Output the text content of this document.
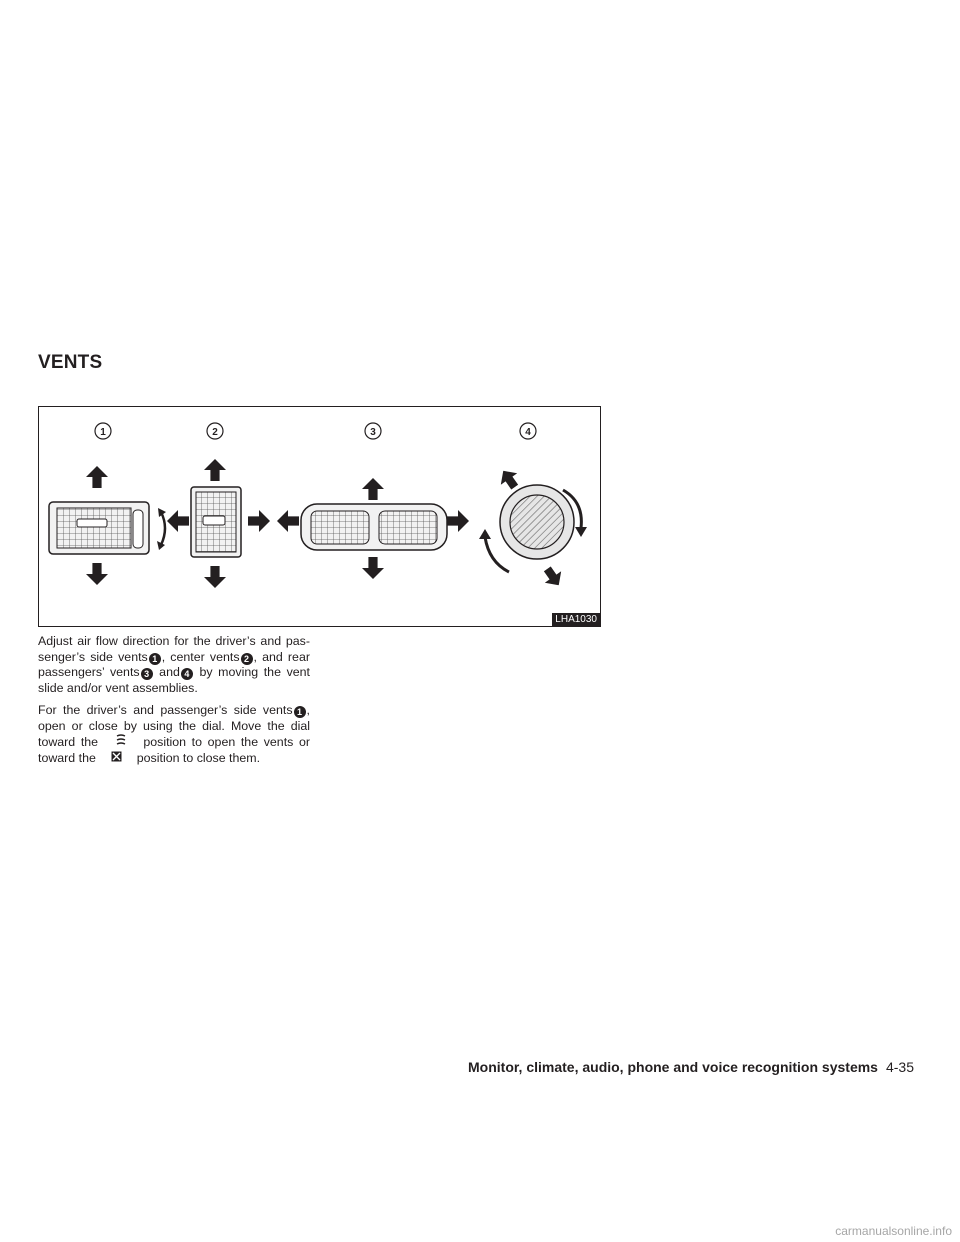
VENTS
1	2	3	4
LHA1030

Adjust air flow direction for the driver’s and pas- senger’s side vents 1 , center vents 2 , and rear passengers’ vents 3 and 4 by moving the vent slide and/or vent assemblies.

For the driver’s and passenger’s side vents 1 , open or close by using the dial. Move the dial toward the	position to open the vents or toward the	position to close them.

Monitor, climate, audio, phone and voice recognition systems 4-35
carmanualsonline.info
